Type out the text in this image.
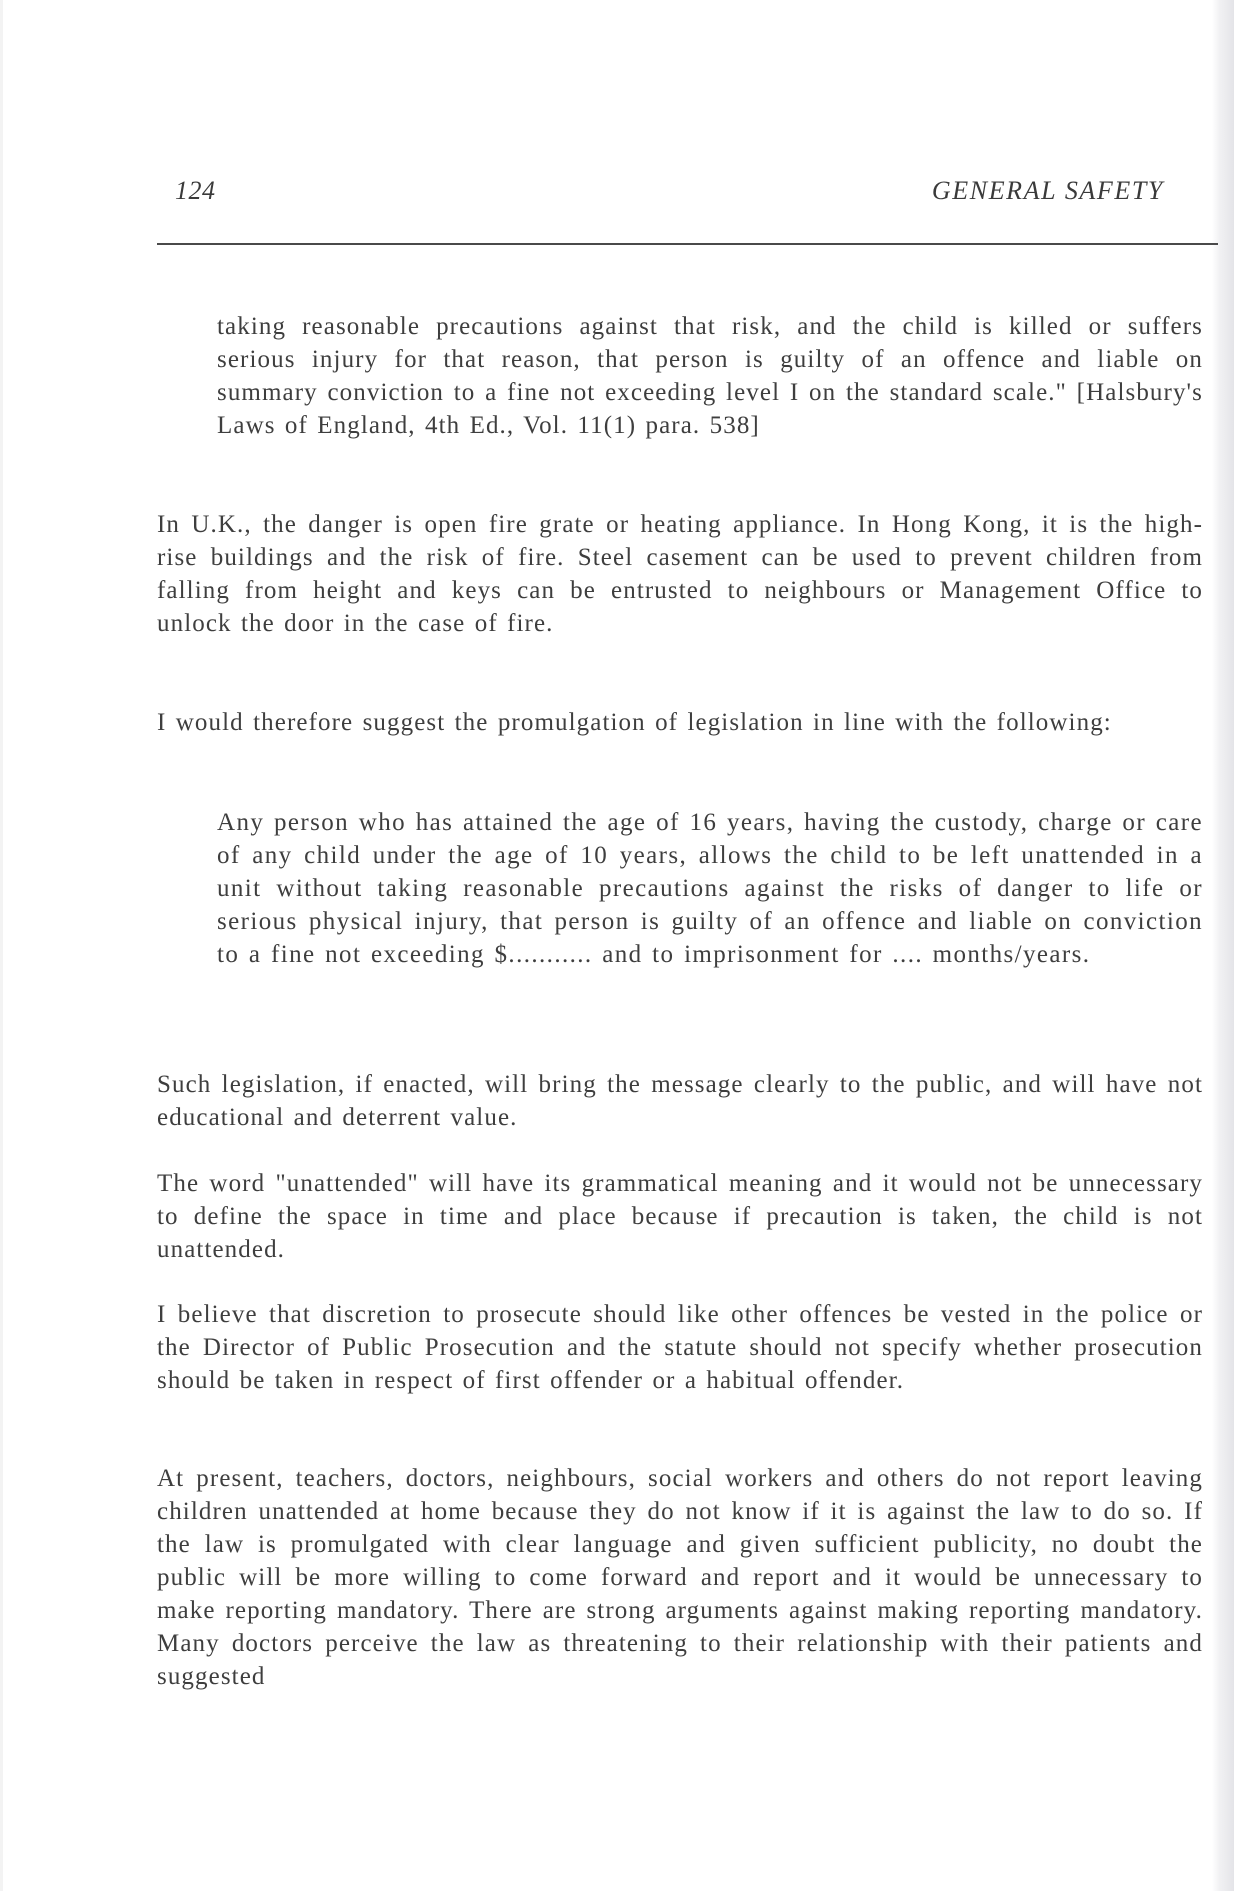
124	GENERAL SAFETY

taking reasonable precautions against that risk, and the child is killed or suffers serious injury for that reason, that person is guilty of an offence and liable on summary conviction to a fine not exceeding level I on the standard scale." [Halsbury's Laws of England, 4th Ed., Vol. 11(1) para. 538]

In U.K., the danger is open fire grate or heating appliance. In Hong Kong, it is the high-rise buildings and the risk of fire. Steel casement can be used to prevent children from falling from height and keys can be entrusted to neighbours or Management Office to unlock the door in the case of fire.

I would therefore suggest the promulgation of legislation in line with the following:

Any person who has attained the age of 16 years, having the custody, charge or care of any child under the age of 10 years, allows the child to be left unattended in a unit without taking reasonable precautions against the risks of danger to life or serious physical injury, that person is guilty of an offence and liable on conviction to a fine not exceeding $........... and to imprisonment for .... months/years.

Such legislation, if enacted, will bring the message clearly to the public, and will have not educational and deterrent value.

The word "unattended" will have its grammatical meaning and it would not be unnecessary to define the space in time and place because if precaution is taken, the child is not unattended.

I believe that discretion to prosecute should like other offences be vested in the police or the Director of Public Prosecution and the statute should not specify whether prosecution should be taken in respect of first offender or a habitual offender.

At present, teachers, doctors, neighbours, social workers and others do not report leaving children unattended at home because they do not know if it is against the law to do so. If the law is promulgated with clear language and given sufficient publicity, no doubt the public will be more willing to come forward and report and it would be unnecessary to make reporting mandatory. There are strong arguments against making reporting mandatory. Many doctors perceive the law as threatening to their relationship with their patients and suggested
